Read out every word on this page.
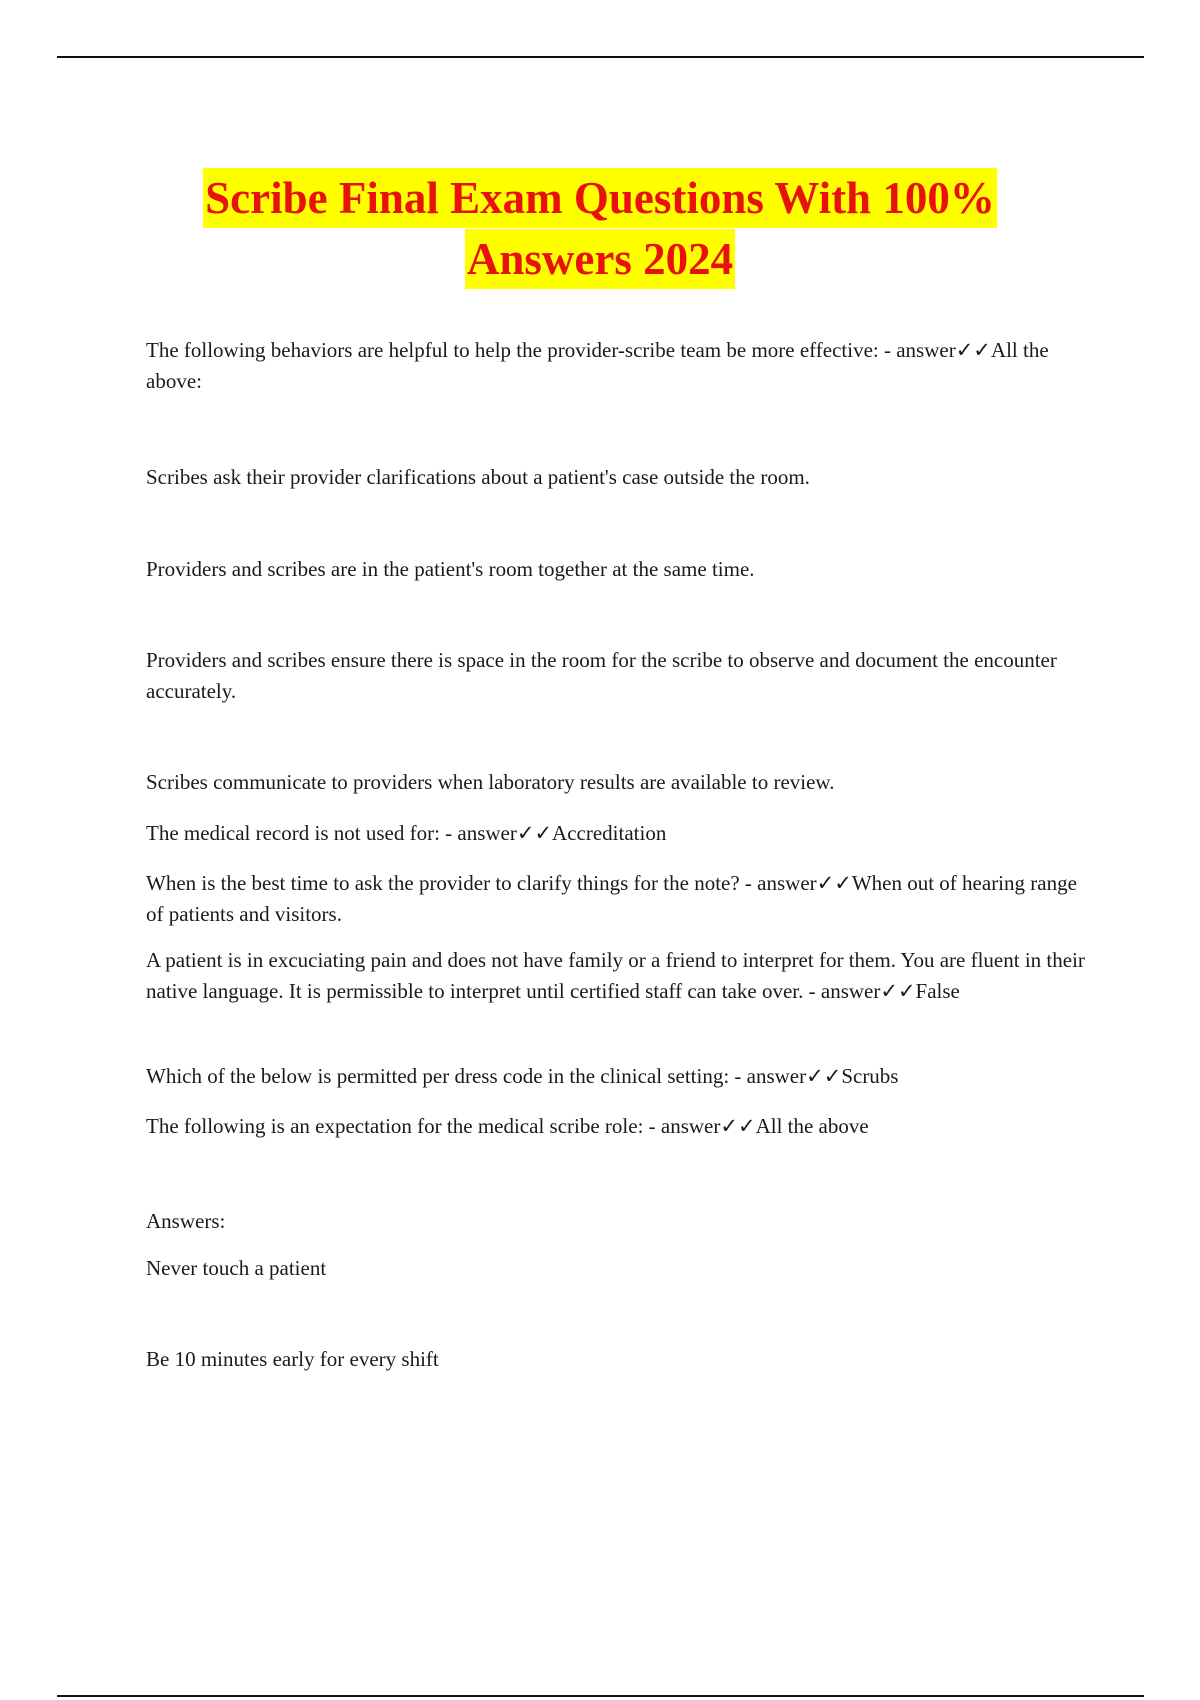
Scribe Final Exam Questions With 100%
Answers 2024

The following behaviors are helpful to help the provider-scribe team be more effective: - answer✓✓All the above:

Scribes ask their provider clarifications about a patient's case outside the room.

Providers and scribes are in the patient's room together at the same time.

Providers and scribes ensure there is space in the room for the scribe to observe and document the encounter accurately.

Scribes communicate to providers when laboratory results are available to review.

The medical record is not used for: - answer✓✓Accreditation

When is the best time to ask the provider to clarify things for the note? - answer✓✓When out of hearing range of patients and visitors.

A patient is in excuciating pain and does not have family or a friend to interpret for them. You are fluent in their native language. It is permissible to interpret until certified staff can take over. - answer✓✓False

Which of the below is permitted per dress code in the clinical setting: - answer✓✓Scrubs

The following is an expectation for the medical scribe role: - answer✓✓All the above

Answers:

Never touch a patient

Be 10 minutes early for every shift
